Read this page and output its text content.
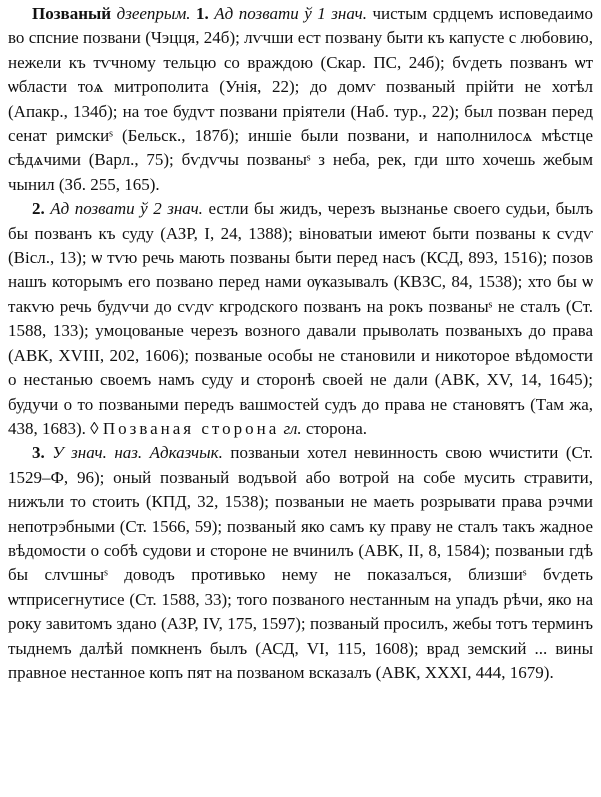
Позваный дзеeпрым. 1. Ад позвати ў 1 знач. чистым срдцемъ исповедаимо во спсние позвани (Чэцця, 24б); лѵчши ест позвану быти къ капусте с любовию, нежели къ тѵчному тельцю со враждою (Скар. ПС, 24б); бѵдеть позванъ ѡт ѡбласти тоѧ митрополита (Унія, 22); до домѵ позваный прійти не хотѣл (Апакр., 134б); на тое будѵт позвани прiятели (Наб. тур., 22); был позван перед сенат римскиˢ (Бельск., 187б); иншiе были позвани, и наполнилосѧ мѣстце сѣдѧчими (Варл., 75); бѵдѵчы позваныˢ з неба, рек, гди што хочешь жебым чынил (Зб. 255, 165).

2. Ад позвати ў 2 знач. естли бы жидъ, черезъ вызнанье своего судьи, былъ бы позванъ къ суду (АЗР, I, 24, 1388); віноватыи имеют быти позваны к сѵдѵ (Вісл., 13); ѡ тѵю речь мають позваны быти перед насъ (КСД, 893, 1516); позов нашъ которымъ его позвано перед нами ѹказывалъ (КВЗС, 84, 1538); хто бы ѡ такѵю речь будѵчи до сѵдѵ кгродского позванъ на рокъ позваныˢ не сталъ (Ст. 1588, 133); умоцованые черезъ возного давали прыволать позваныхъ до права (АВК, XVIII, 202, 1606); позваные особы не становили и никоторое вѣдомости о нестанью своемъ намъ суду и сторонѣ своей не дали (АВК, XV, 14, 1645); будучи о то позваными передъ вашмостей судъ до права не становятъ (Там жа, 438, 1683). ◊ Позваная сторона гл. сторона.

3. У знач. наз. Адказчык. позваныи хотел невинность свою ѡчистити (Ст. 1529–Ф, 96); оный позваный водъвой або вотрой на собе мусить стравити, нижъли то стоить (КПД, 32, 1538); позваныи не маеть розрывати права рэчми непотрэбными (Ст. 1566, 59); позваный яко самъ ку праву не сталъ такъ жадное вѣдомости о собѣ судови и стороне не вчинилъ (АВК, II, 8, 1584); позваныи гдѣ бы слѵшныˢ доводъ противько нему не показалъся, близшиˢ бѵдеть ѡтприсегнутисе (Ст. 1588, 33); того позваного нестанным на упадъ рѣчи, яко на року завитомъ здано (АЗР, IV, 175, 1597); позваный просилъ, жебы тотъ терминъ тыднемъ далѣй помкненъ былъ (АСД, VI, 115, 1608); врад земский ... вины правное нестанное копъ пят на позваном всказалъ (АВК, XXXI, 444, 1679).
